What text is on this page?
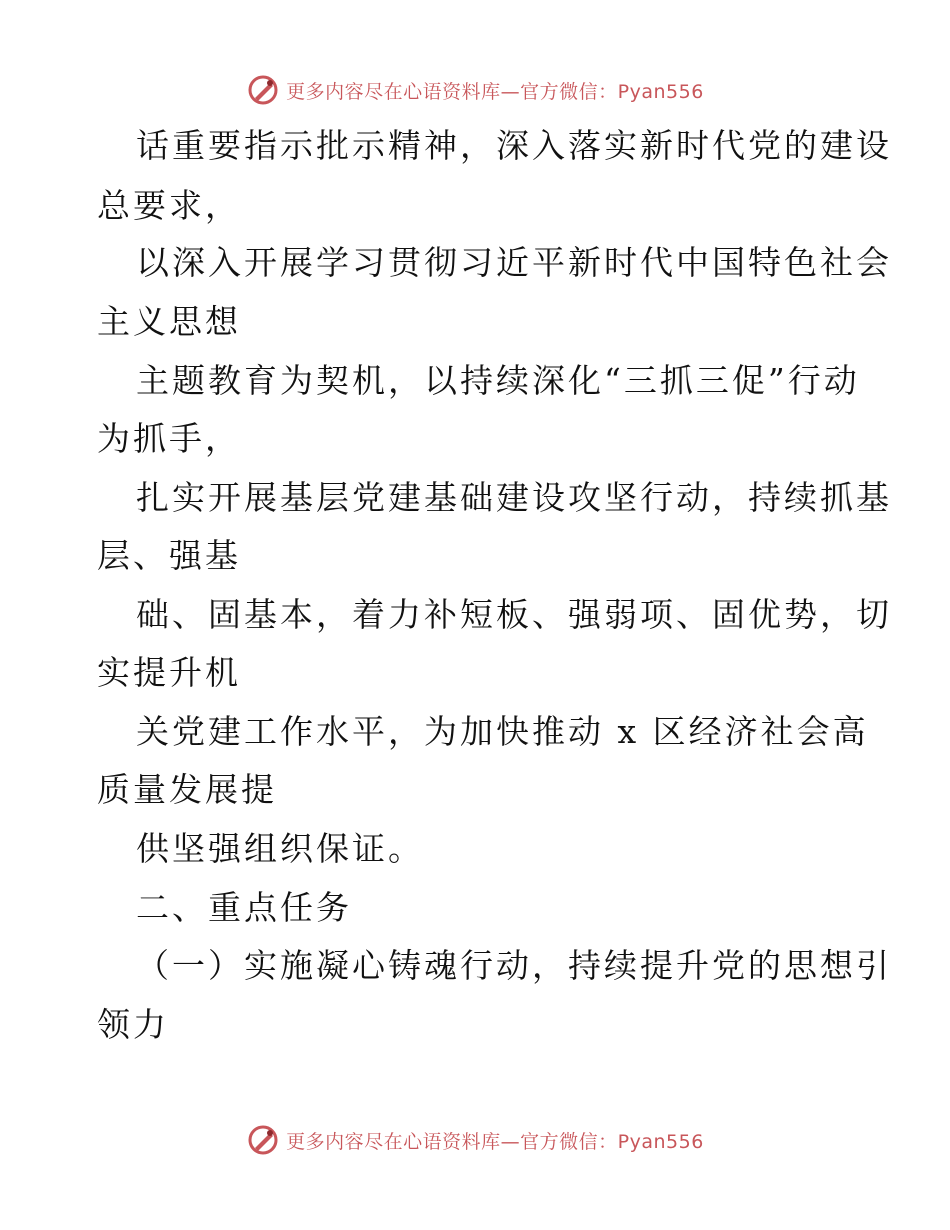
更多内容尽在心语资料库—官方微信：Pyan556
话重要指示批示精神，深入落实新时代党的建设
总要求，
以深入开展学习贯彻习近平新时代中国特色社会
主义思想
主题教育为契机，以持续深化“三抓三促”行动
为抓手，
扎实开展基层党建基础建设攻坚行动，持续抓基
层、强基
础、固基本，着力补短板、强弱项、固优势，切
实提升机
关党建工作水平，为加快推动 x 区经济社会高
质量发展提
供坚强组织保证。
二、重点任务
（一）实施凝心铸魂行动，持续提升党的思想引
领力
更多内容尽在心语资料库—官方微信：Pyan556
